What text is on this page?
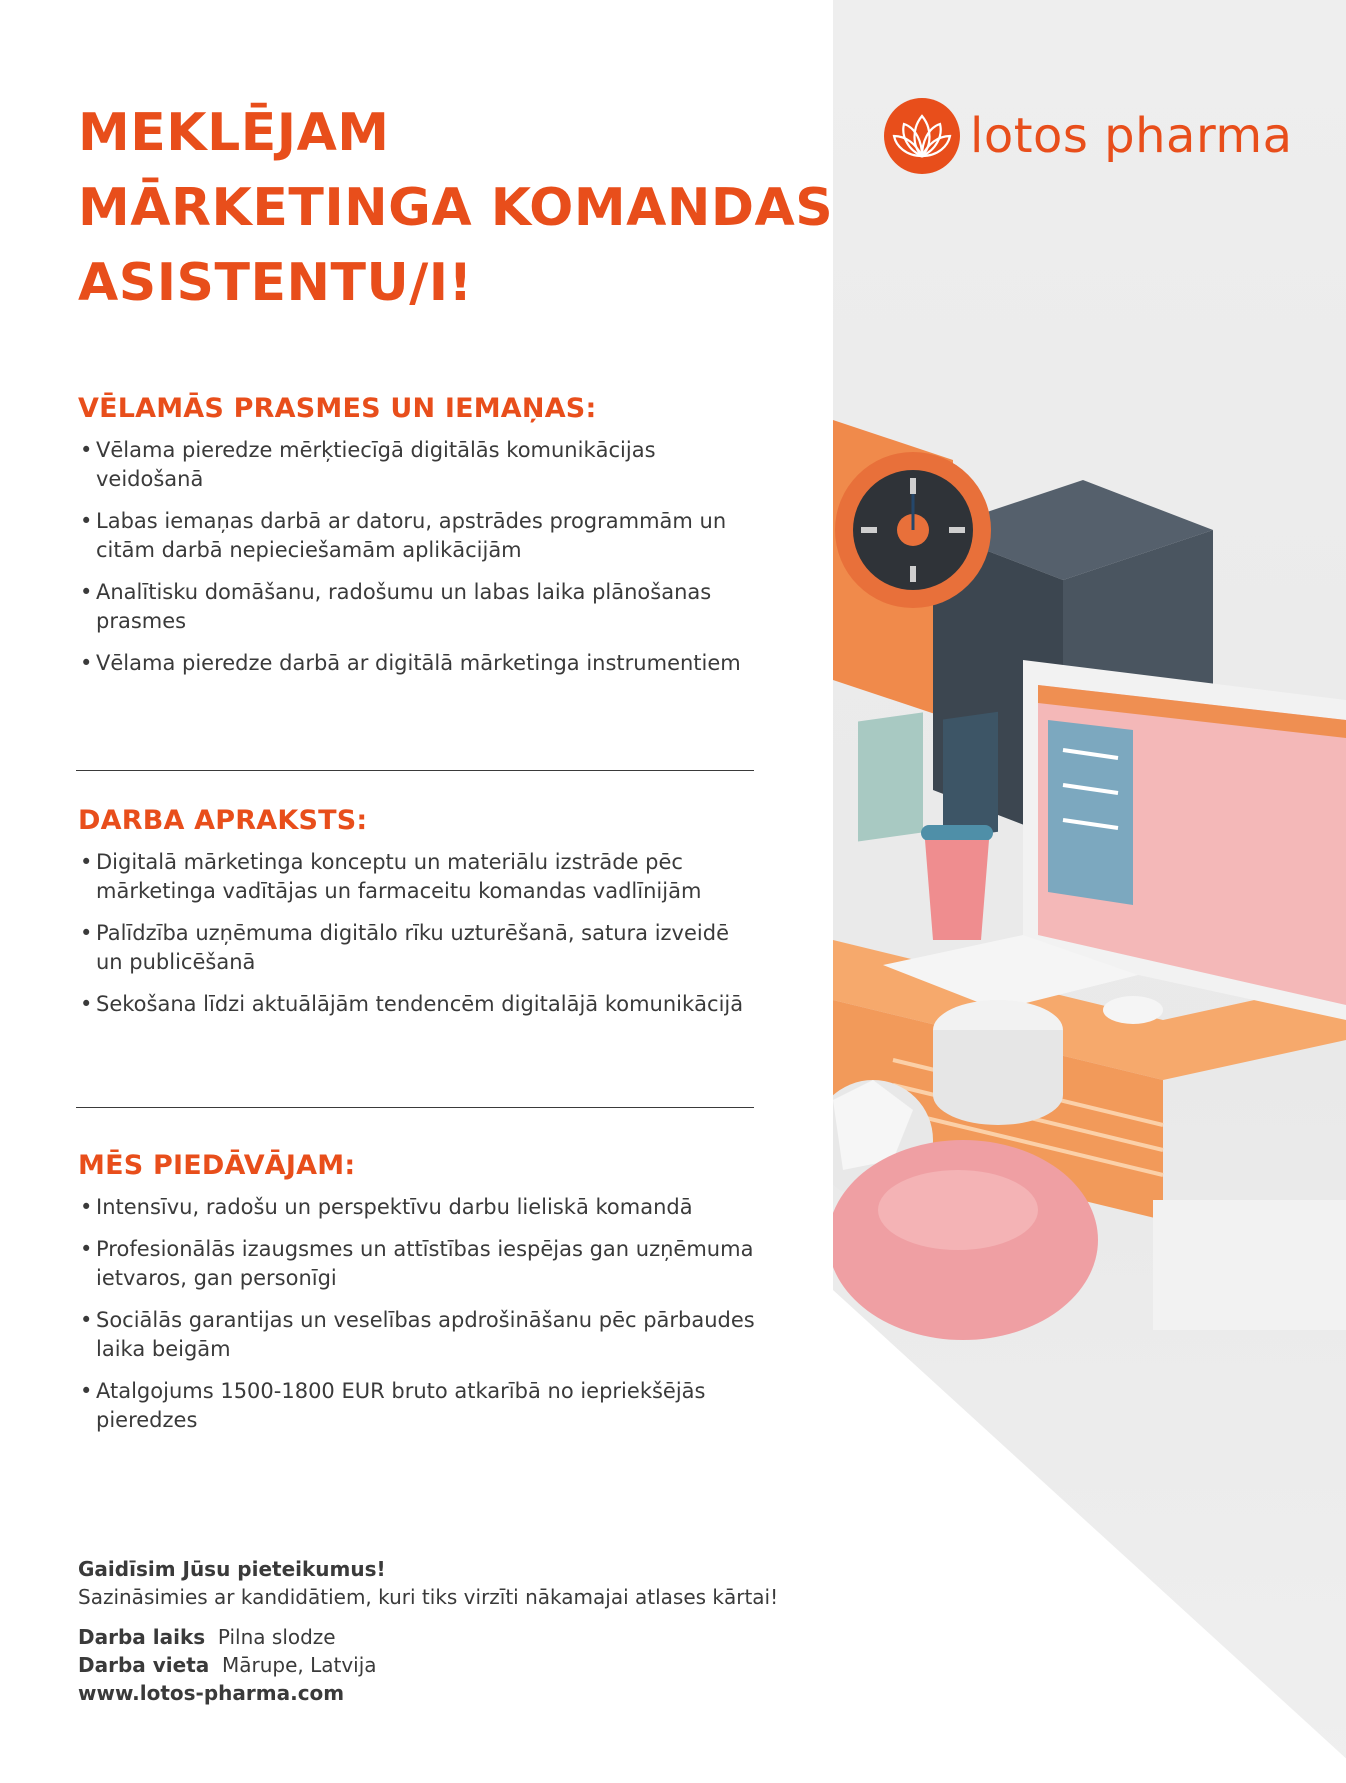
lotos pharma
MEKLĒJAM
MĀRKETINGA KOMANDAS
ASISTENTU/I!
VĒLAMĀS PRASMES UN IEMAŅAS:
• Vēlama pieredze mērķtiecīgā digitālās komunikācijas veidošanā
• Labas iemaņas darbā ar datoru, apstrādes programmām un citām darbā nepieciešamām aplikācijām
• Analītisku domāšanu, radošumu un labas laika plānošanas prasmes
• Vēlama pieredze darbā ar digitālā mārketinga instrumentiem
DARBA APRAKSTS:
• Digitalā mārketinga konceptu un materiālu izstrāde pēc mārketinga vadītājas un farmaceitu komandas vadlīnijām
• Palīdzība uzņēmuma digitālo rīku uzturēšanā, satura izveidē un publicēšanā
• Sekošana līdzi aktuālājām tendencēm digitalājā komunikācijā
MĒS PIEDĀVĀJAM:
• Intensīvu, radošu un perspektīvu darbu lieliskā komandā
• Profesionālās izaugsmes un attīstības iespējas gan uzņēmuma ietvaros, gan personīgi
• Sociālās garantijas un veselības apdrošināšanu pēc pārbaudes laika beigām
• Atalgojums 1500-1800 EUR bruto atkarībā no iepriekšējās pieredzes
Gaidīsim Jūsu pieteikumus!
Sazināsimies ar kandidātiem, kuri tiks virzīti nākamajai atlases kārtai!
Darba laiks Pilna slodze
Darba vieta Mārupe, Latvija
www.lotos-pharma.com
